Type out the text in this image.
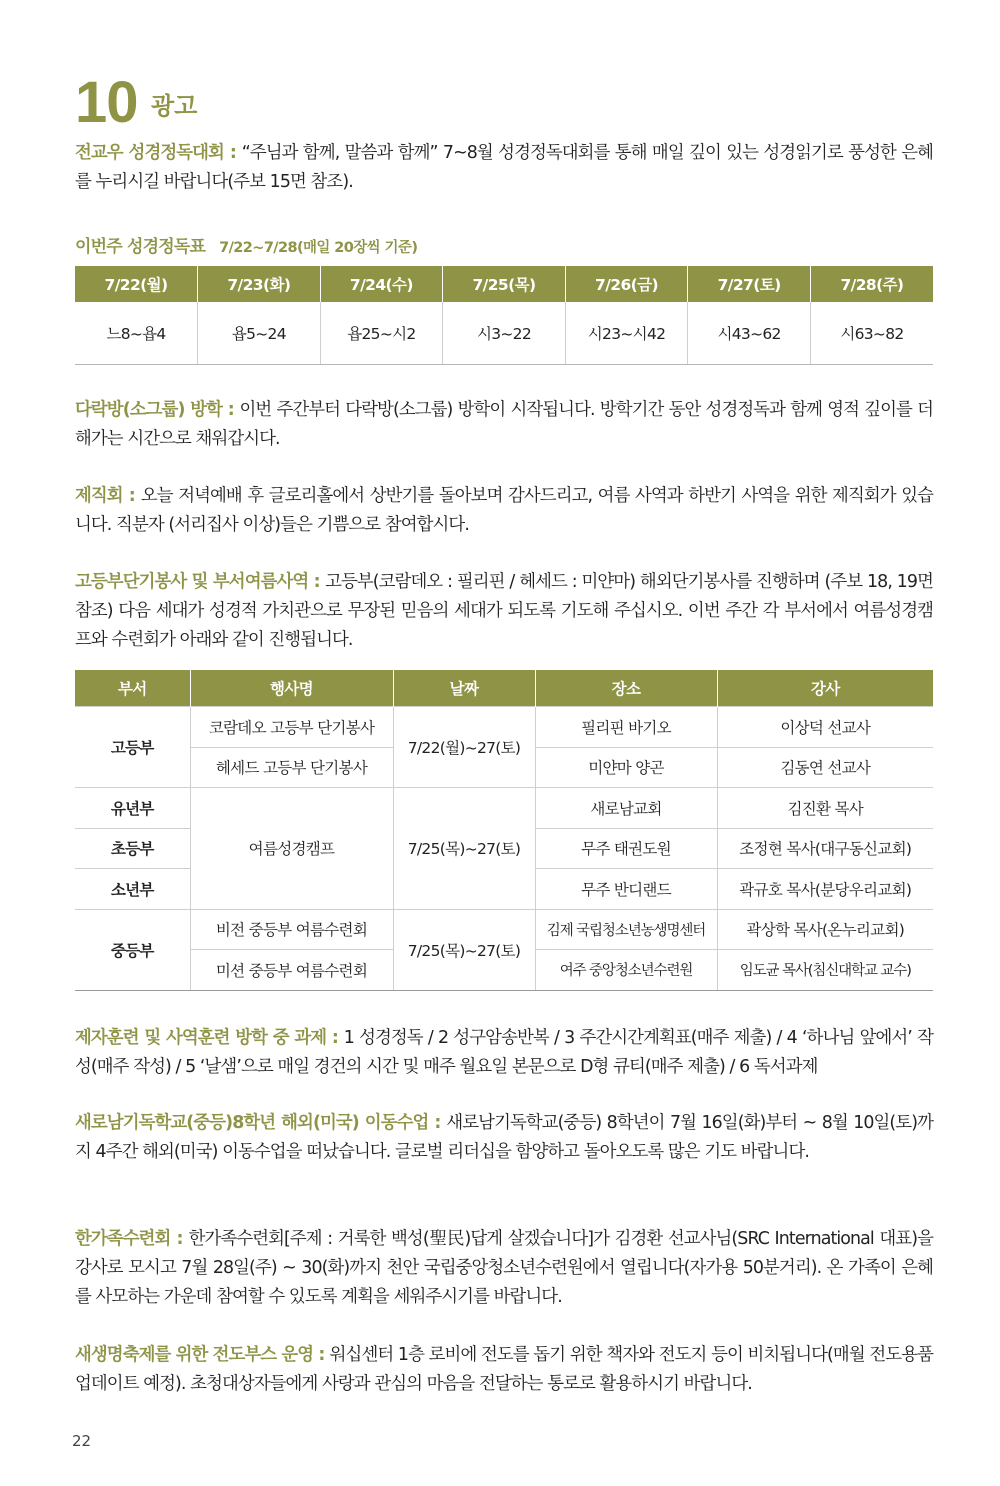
10 광고
전교우 성경정독대회 : “주님과 함께, 말씀과 함께” 7~8월 성경정독대회를 통해 매일 깊이 있는 성경읽기로 풍성한 은혜를 누리시길 바랍니다(주보 15면 참조).
이번주 성경정독표 7/22~7/28(매일 20장씩 기준)
7/22(월)	7/23(화)	7/24(수)	7/25(목)	7/26(금)	7/27(토)	7/28(주)
느8~욥4	욥5~24	욥25~시2	시3~22	시23~시42	시43~62	시63~82
다락방(소그룹) 방학 : 이번 주간부터 다락방(소그룹) 방학이 시작됩니다. 방학기간 동안 성경정독과 함께 영적 깊이를 더해가는 시간으로 채워갑시다.
제직회 : 오늘 저녁예배 후 글로리홀에서 상반기를 돌아보며 감사드리고, 여름 사역과 하반기 사역을 위한 제직회가 있습니다. 직분자 (서리집사 이상)들은 기쁨으로 참여합시다.
고등부단기봉사 및 부서여름사역 : 고등부(코람데오 : 필리핀 / 헤세드 : 미얀마) 해외단기봉사를 진행하며 (주보 18, 19면참조) 다음 세대가 성경적 가치관으로 무장된 믿음의 세대가 되도록 기도해 주십시오. 이번 주간 각 부서에서 여름성경캠프와 수련회가 아래와 같이 진행됩니다.
부서	행사명	날짜	장소	강사
고등부	코람데오 고등부 단기봉사	7/22(월)~27(토)	필리핀 바기오	이상덕 선교사
	헤세드 고등부 단기봉사		미얀마 양곤	김동연 선교사
유년부	여름성경캠프	7/25(목)~27(토)	새로남교회	김진환 목사
초등부			무주 태권도원	조정현 목사(대구동신교회)
소년부			무주 반디랜드	곽규호 목사(분당우리교회)
중등부	비전 중등부 여름수련회	7/25(목)~27(토)	김제 국립청소년농생명센터	곽상학 목사(온누리교회)
	미션 중등부 여름수련회		여주 중앙청소년수련원	임도균 목사(침신대학교 교수)
제자훈련 및 사역훈련 방학 중 과제 : 1 성경정독 / 2 성구암송반복 / 3 주간시간계획표(매주 제출) / 4 ‘하나님 앞에서’ 작성(매주 작성) / 5 ‘날샘’으로 매일 경건의 시간 및 매주 월요일 본문으로 D형 큐티(매주 제출) / 6 독서과제
새로남기독학교(중등)8학년 해외(미국) 이동수업 : 새로남기독학교(중등) 8학년이 7월 16일(화)부터 ~ 8월 10일(토)까지 4주간 해외(미국) 이동수업을 떠났습니다. 글로벌 리더십을 함양하고 돌아오도록 많은 기도 바랍니다.
한가족수련회 : 한가족수련회[주제 : 거룩한 백성(聖民)답게 살겠습니다]가 김경환 선교사님(SRC International 대표)을 강사로 모시고 7월 28일(주) ~ 30(화)까지 천안 국립중앙청소년수련원에서 열립니다(자가용 50분거리). 온 가족이 은혜를 사모하는 가운데 참여할 수 있도록 계획을 세워주시기를 바랍니다.
새생명축제를 위한 전도부스 운영 : 워십센터 1층 로비에 전도를 돕기 위한 책자와 전도지 등이 비치됩니다(매월 전도용품 업데이트 예정). 초청대상자들에게 사랑과 관심의 마음을 전달하는 통로로 활용하시기 바랍니다.
22
